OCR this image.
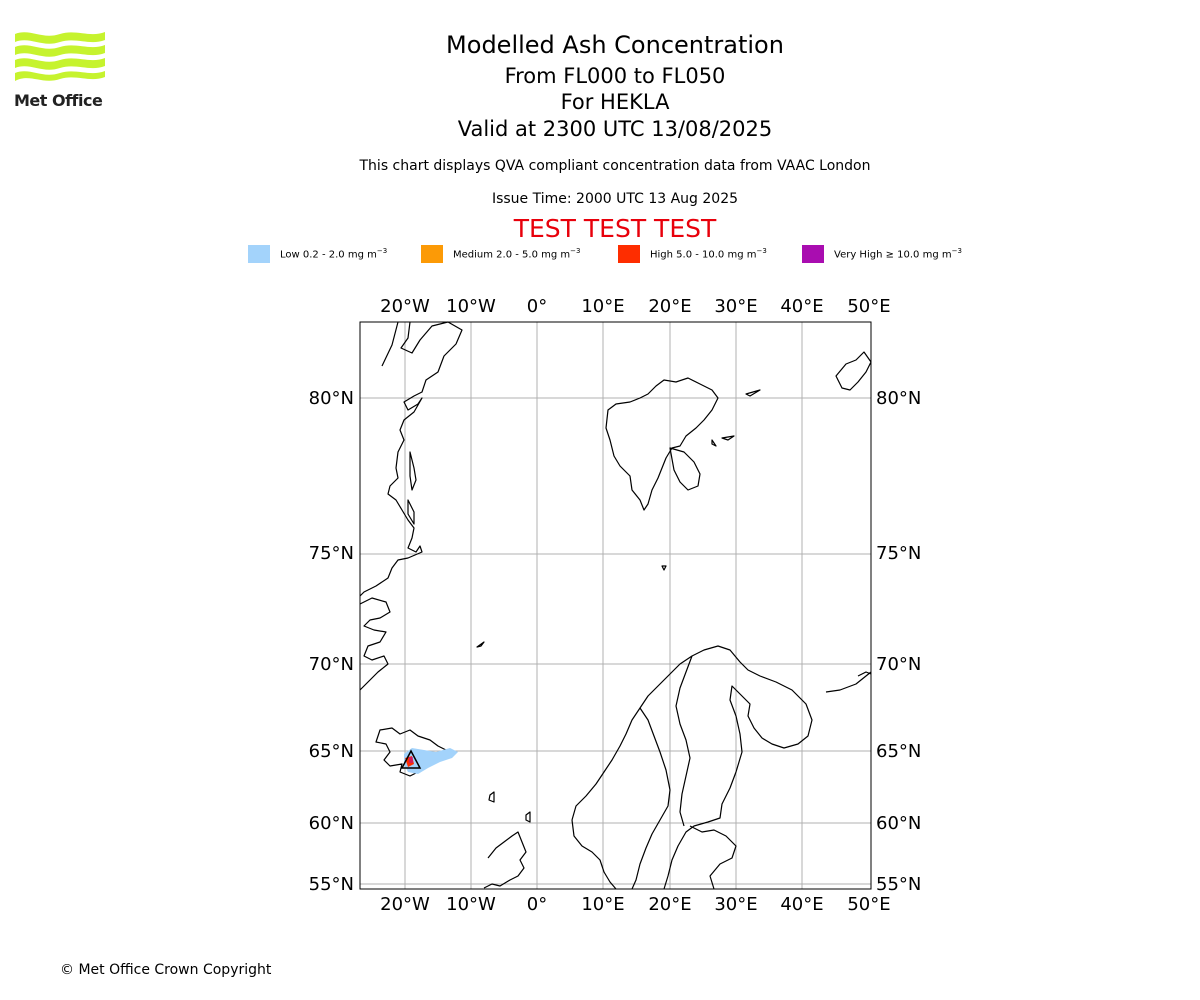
Met Office
Modelled Ash Concentration
From FL000 to FL050
For HEKLA
Valid at 2300 UTC 13/08/2025
This chart displays QVA compliant concentration data from VAAC London
Issue Time: 2000 UTC 13 Aug 2025
TEST TEST TEST
Low 0.2 - 2.0 mg $m^{-3}$	Medium 2.0 - 5.0 mg $m^{-3}$	High 5.0 - 10.0 mg $m^{-3}$	Very High ≥ 10.0 mg $m^{-3}$
20°W 10°W 0° 10°E 20°E 30°E 40°E 50°E
20°W 10°W 0° 10°E 20°E 30°E 40°E 50°E
80°N
75°N
70°N
65°N
60°N
55°N
80°N
75°N
70°N
65°N
60°N
55°N
© Met Office Crown Copyright
